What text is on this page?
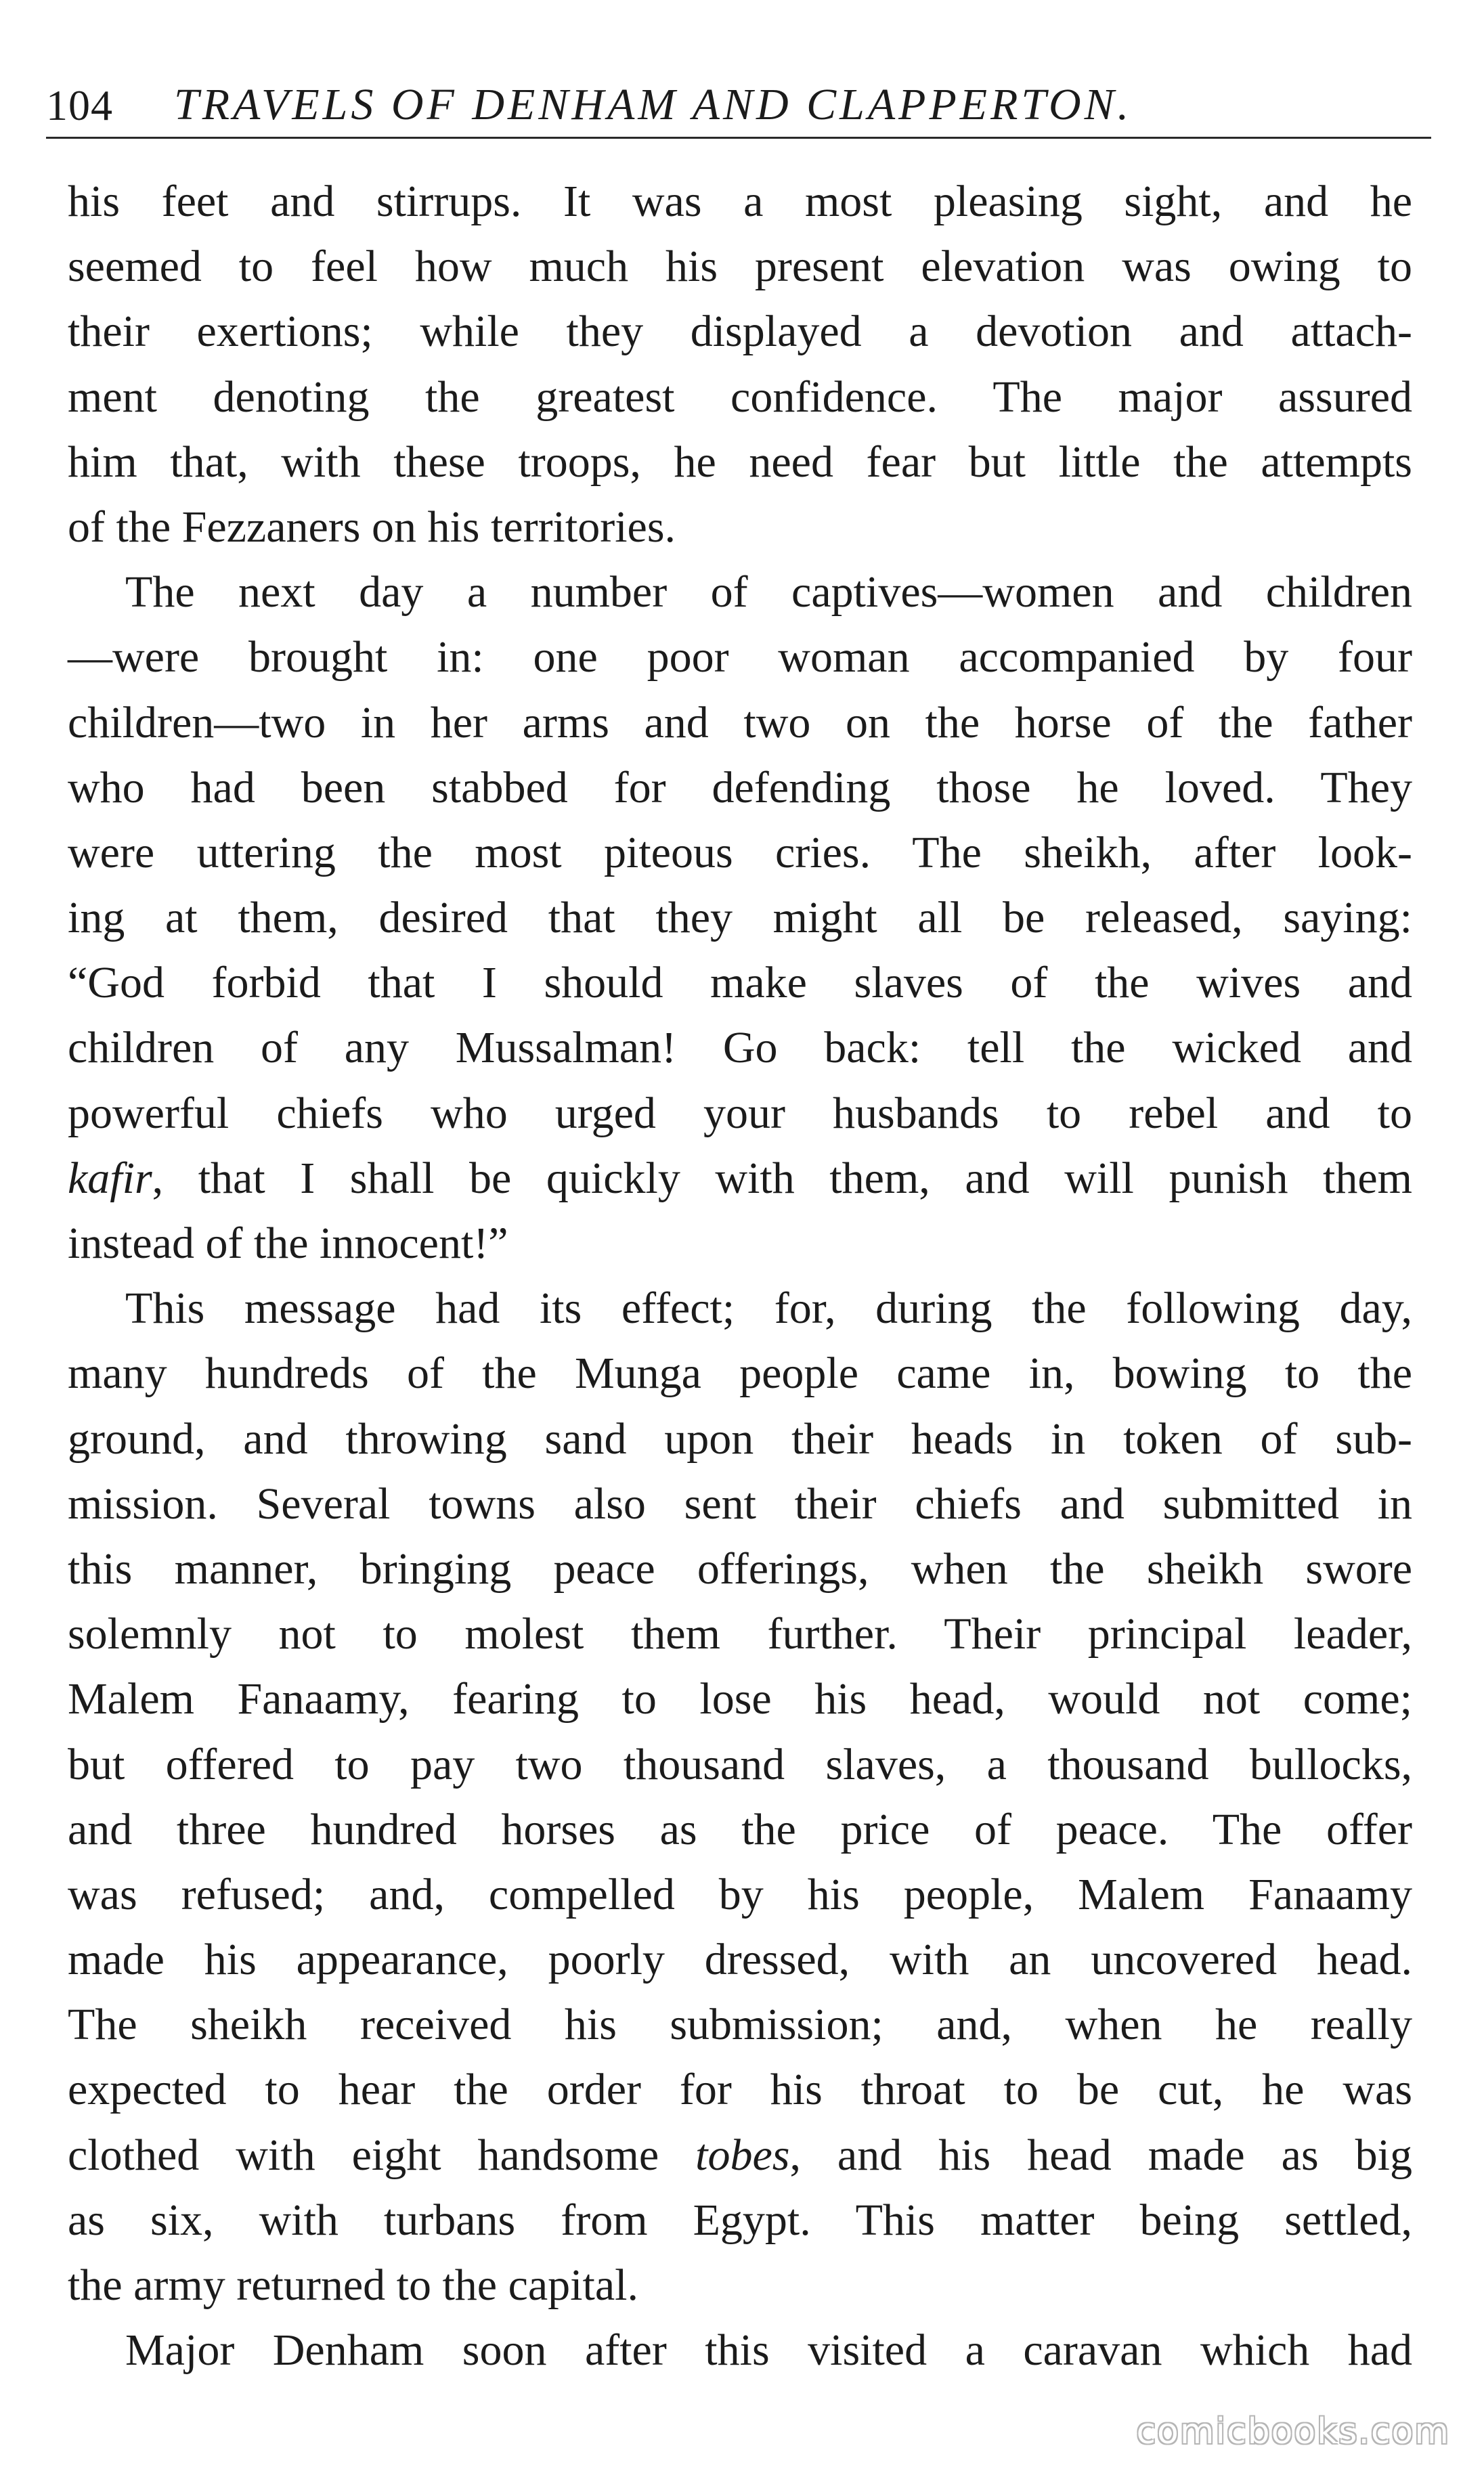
104 TRAVELS OF DENHAM AND CLAPPERTON.
his feet and stirrups. It was a most pleasing sight, and he
seemed to feel how much his present elevation was owing to
their exertions; while they displayed a devotion and attach-
ment denoting the greatest confidence. The major assured
him that, with these troops, he need fear but little the attempts
of the Fezzaners on his territories.
The next day a number of captives—women and children
—were brought in: one poor woman accompanied by four
children—two in her arms and two on the horse of the father
who had been stabbed for defending those he loved. They
were uttering the most piteous cries. The sheikh, after look-
ing at them, desired that they might all be released, saying:
“God forbid that I should make slaves of the wives and
children of any Mussalman! Go back: tell the wicked and
powerful chiefs who urged your husbands to rebel and to
kafir, that I shall be quickly with them, and will punish them
instead of the innocent!”
This message had its effect; for, during the following day,
many hundreds of the Munga people came in, bowing to the
ground, and throwing sand upon their heads in token of sub-
mission. Several towns also sent their chiefs and submitted in
this manner, bringing peace offerings, when the sheikh swore
solemnly not to molest them further. Their principal leader,
Malem Fanaamy, fearing to lose his head, would not come;
but offered to pay two thousand slaves, a thousand bullocks,
and three hundred horses as the price of peace. The offer
was refused; and, compelled by his people, Malem Fanaamy
made his appearance, poorly dressed, with an uncovered head.
The sheikh received his submission; and, when he really
expected to hear the order for his throat to be cut, he was
clothed with eight handsome tobes, and his head made as big
as six, with turbans from Egypt. This matter being settled,
the army returned to the capital.
Major Denham soon after this visited a caravan which had
comicbooks.com
